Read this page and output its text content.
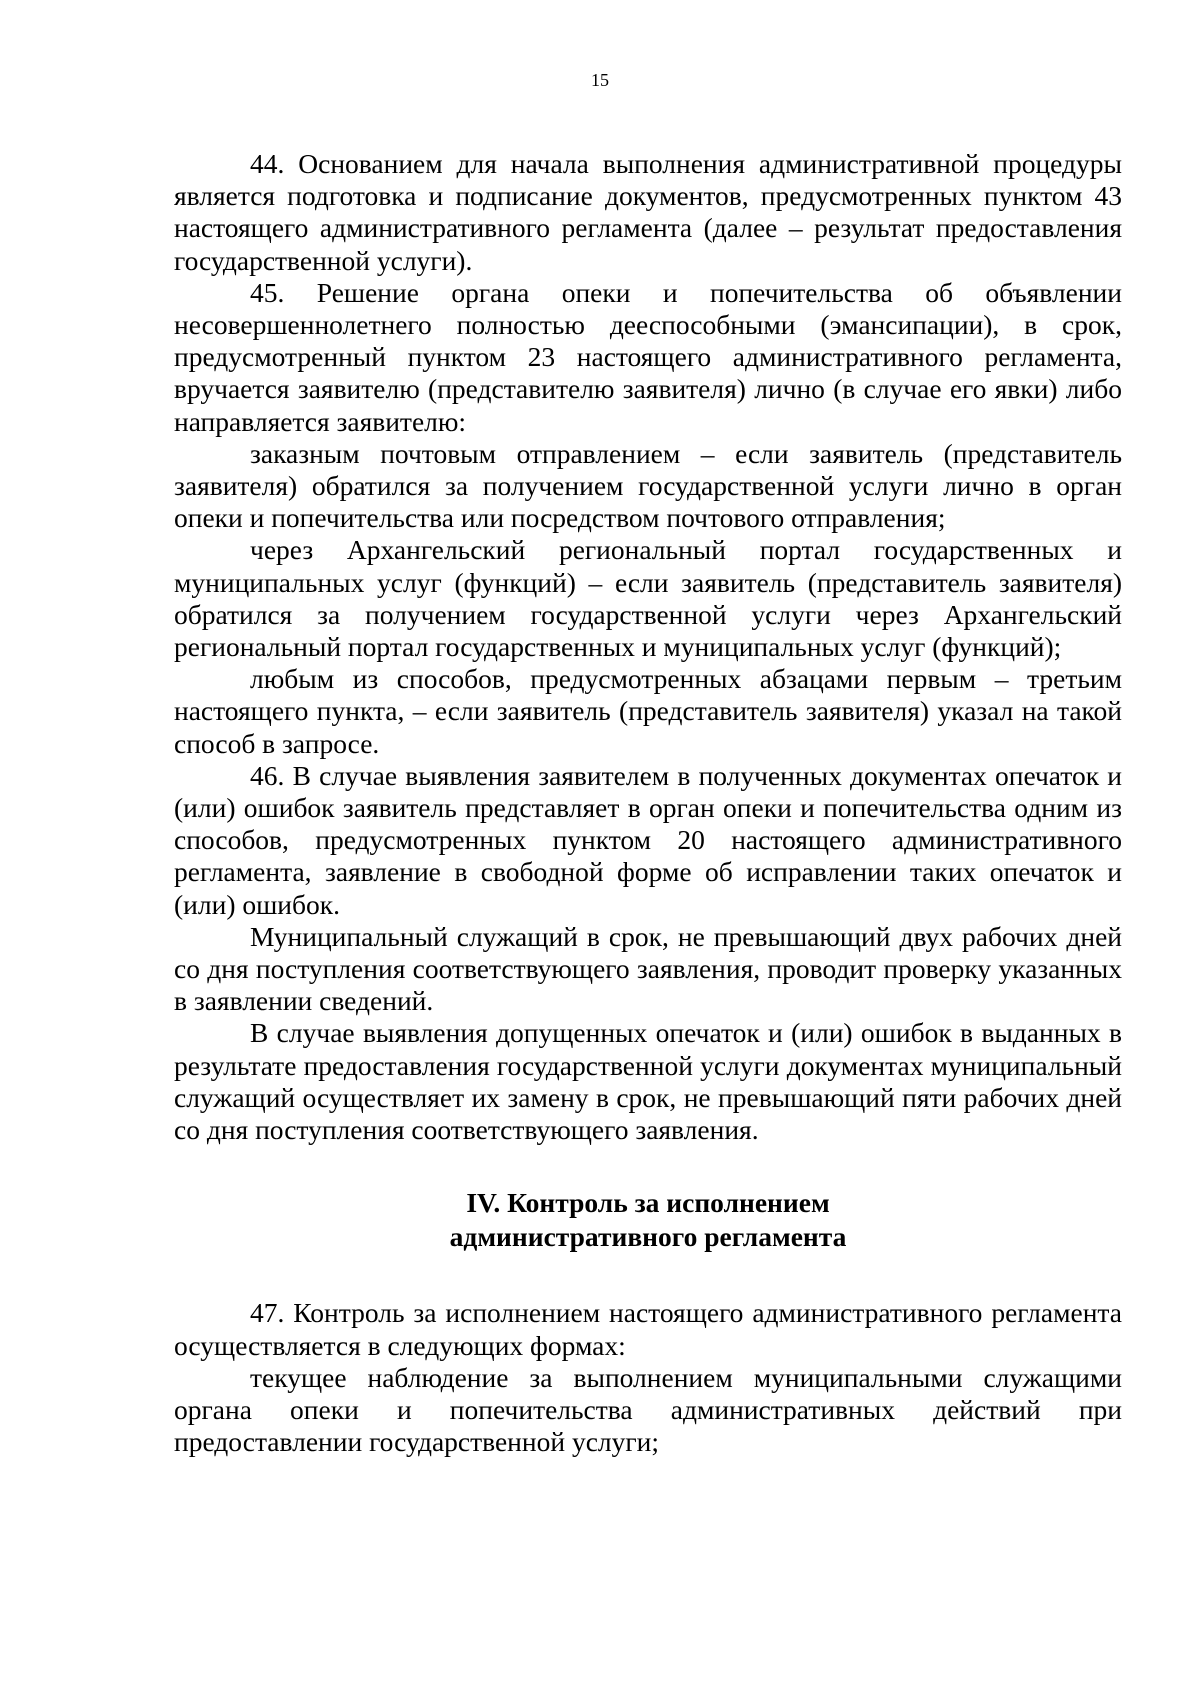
15

44. Основанием для начала выполнения административной процедуры является подготовка и подписание документов, предусмотренных пунктом 43 настоящего административного регламента (далее – результат предоставления государственной услуги).

45. Решение органа опеки и попечительства об объявлении несовершеннолетнего полностью дееспособными (эмансипации), в срок, предусмотренный пунктом 23 настоящего административного регламента, вручается заявителю (представителю заявителя) лично (в случае его явки) либо направляется заявителю:

заказным почтовым отправлением – если заявитель (представитель заявителя) обратился за получением государственной услуги лично в орган опеки и попечительства или посредством почтового отправления;

через Архангельский региональный портал государственных и муниципальных услуг (функций) – если заявитель (представитель заявителя) обратился за получением государственной услуги через Архангельский региональный портал государственных и муниципальных услуг (функций);

любым из способов, предусмотренных абзацами первым – третьим настоящего пункта, – если заявитель (представитель заявителя) указал на такой способ в запросе.

46. В случае выявления заявителем в полученных документах опечаток и (или) ошибок заявитель представляет в орган опеки и попечительства одним из способов, предусмотренных пунктом 20 настоящего административного регламента, заявление в свободной форме об исправлении таких опечаток и (или) ошибок.

Муниципальный служащий в срок, не превышающий двух рабочих дней со дня поступления соответствующего заявления, проводит проверку указанных в заявлении сведений.

В случае выявления допущенных опечаток и (или) ошибок в выданных в результате предоставления государственной услуги документах муниципальный служащий осуществляет их замену в срок, не превышающий пяти рабочих дней со дня поступления соответствующего заявления.

IV. Контроль за исполнением
административного регламента

47. Контроль за исполнением настоящего административного регламента осуществляется в следующих формах:

текущее наблюдение за выполнением муниципальными служащими органа опеки и попечительства административных действий при предоставлении государственной услуги;
